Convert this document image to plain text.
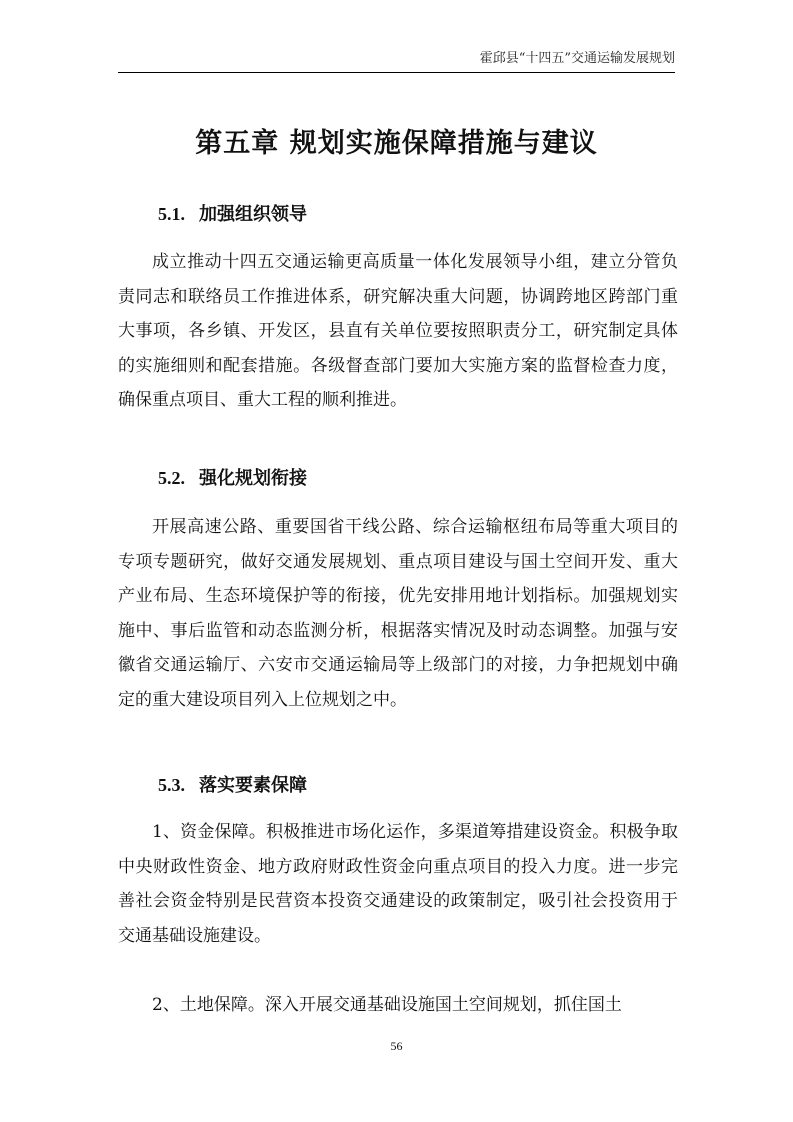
霍邱县“十四五”交通运输发展规划
第五章 规划实施保障措施与建议
5.1. 加强组织领导

成立推动十四五交通运输更高质量一体化发展领导小组，建立分管负责同志和联络员工作推进体系，研究解决重大问题，协调跨地区跨部门重大事项，各乡镇、开发区，县直有关单位要按照职责分工，研究制定具体的实施细则和配套措施。各级督查部门要加大实施方案的监督检查力度，确保重点项目、重大工程的顺利推进。

5.2. 强化规划衔接

开展高速公路、重要国省干线公路、综合运输枢纽布局等重大项目的专项专题研究，做好交通发展规划、重点项目建设与国土空间开发、重大产业布局、生态环境保护等的衔接，优先安排用地计划指标。加强规划实施中、事后监管和动态监测分析，根据落实情况及时动态调整。加强与安徽省交通运输厅、六安市交通运输局等上级部门的对接，力争把规划中确定的重大建设项目列入上位规划之中。

5.3. 落实要素保障

1、资金保障。积极推进市场化运作，多渠道筹措建设资金。积极争取中央财政性资金、地方政府财政性资金向重点项目的投入力度。进一步完善社会资金特别是民营资本投资交通建设的政策制定，吸引社会投资用于交通基础设施建设。

2、土地保障。深入开展交通基础设施国土空间规划，抓住国土

56
